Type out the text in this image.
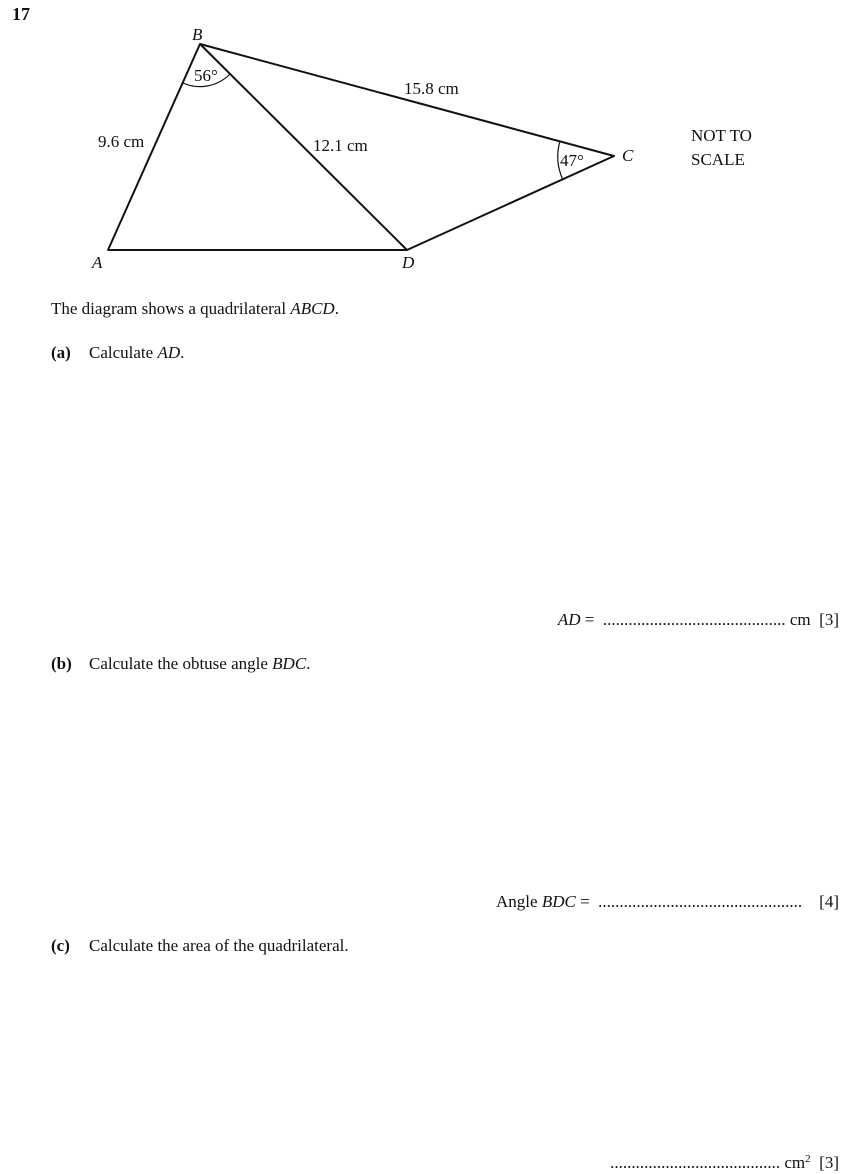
17
B
A	D
C
9.6 cm	12.1 cm
15.8 cm
56°
47°
NOT TO
SCALE
The diagram shows a quadrilateral ABCD.
(a) Calculate AD.
AD =  ........................................... cm [3]
(b) Calculate the obtuse angle BDC.
Angle BDC =  ................................................ [4]
(c) Calculate the area of the quadrilateral.
........................................ $cm^2$ [3]
